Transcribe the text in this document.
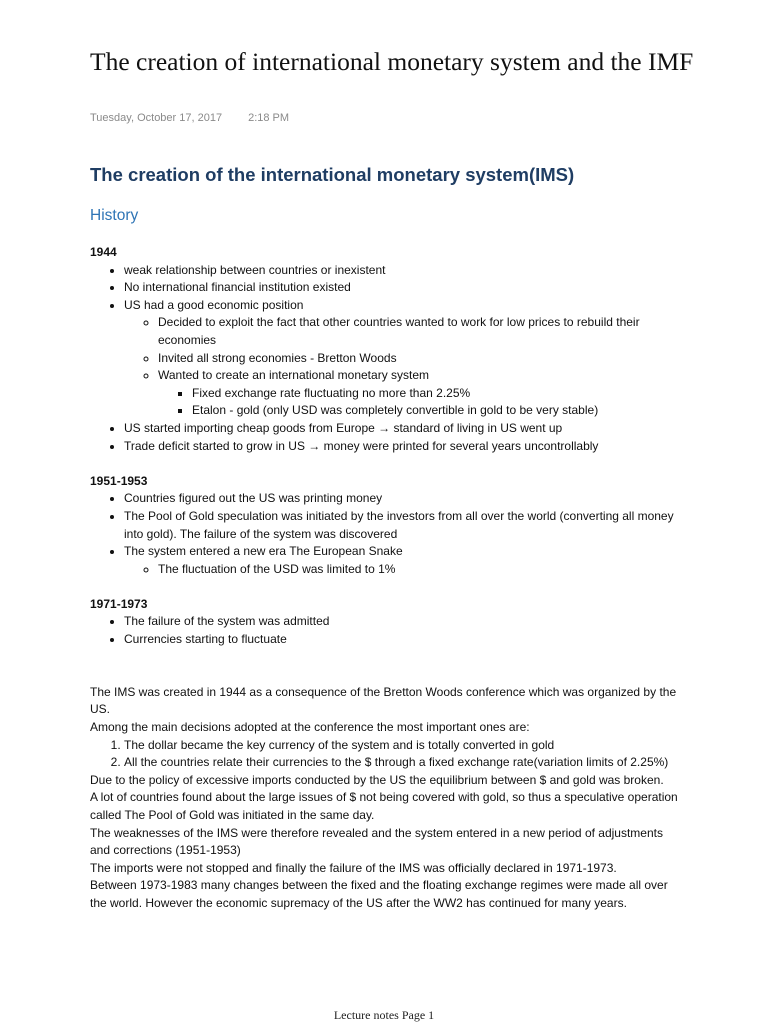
The creation of international monetary system and the IMF
Tuesday, October 17, 2017 2:18 PM
The creation of the international monetary system(IMS)
History
1944
• weak relationship between countries or inexistent
• No international financial institution existed
• US had a good economic position
◦ Decided to exploit the fact that other countries wanted to work for low prices to rebuild their economies
◦ Invited all strong economies - Bretton Woods
◦ Wanted to create an international monetary system
▪ Fixed exchange rate fluctuating no more than 2.25%
▪ Etalon - gold (only USD was completely convertible in gold to be very stable)
• US started importing cheap goods from Europe → standard of living in US went up
• Trade deficit started to grow in US → money were printed for several years uncontrollably
1951-1953
• Countries figured out the US was printing money
• The Pool of Gold speculation was initiated by the investors from all over the world (converting all money into gold). The failure of the system was discovered
• The system entered a new era The European Snake
◦ The fluctuation of the USD was limited to 1%
1971-1973
• The failure of the system was admitted
• Currencies starting to fluctuate
The IMS was created in 1944 as a consequence of the Bretton Woods conference which was organized by the US.
Among the main decisions adopted at the conference the most important ones are:
1. The dollar became the key currency of the system and is totally converted in gold
2. All the countries relate their currencies to the $ through a fixed exchange rate(variation limits of 2.25%)
Due to the policy of excessive imports conducted by the US the equilibrium between $ and gold was broken.
A lot of countries found about the large issues of $ not being covered with gold, so thus a speculative operation called The Pool of Gold was initiated in the same day.
The weaknesses of the IMS were therefore revealed and the system entered in a new period of adjustments and corrections (1951-1953)
The imports were not stopped and finally the failure of the IMS was officially declared in 1971-1973.
Between 1973-1983 many changes between the fixed and the floating exchange regimes were made all over the world. However the economic supremacy of the US after the WW2 has continued for many years.
Lecture notes Page 1
